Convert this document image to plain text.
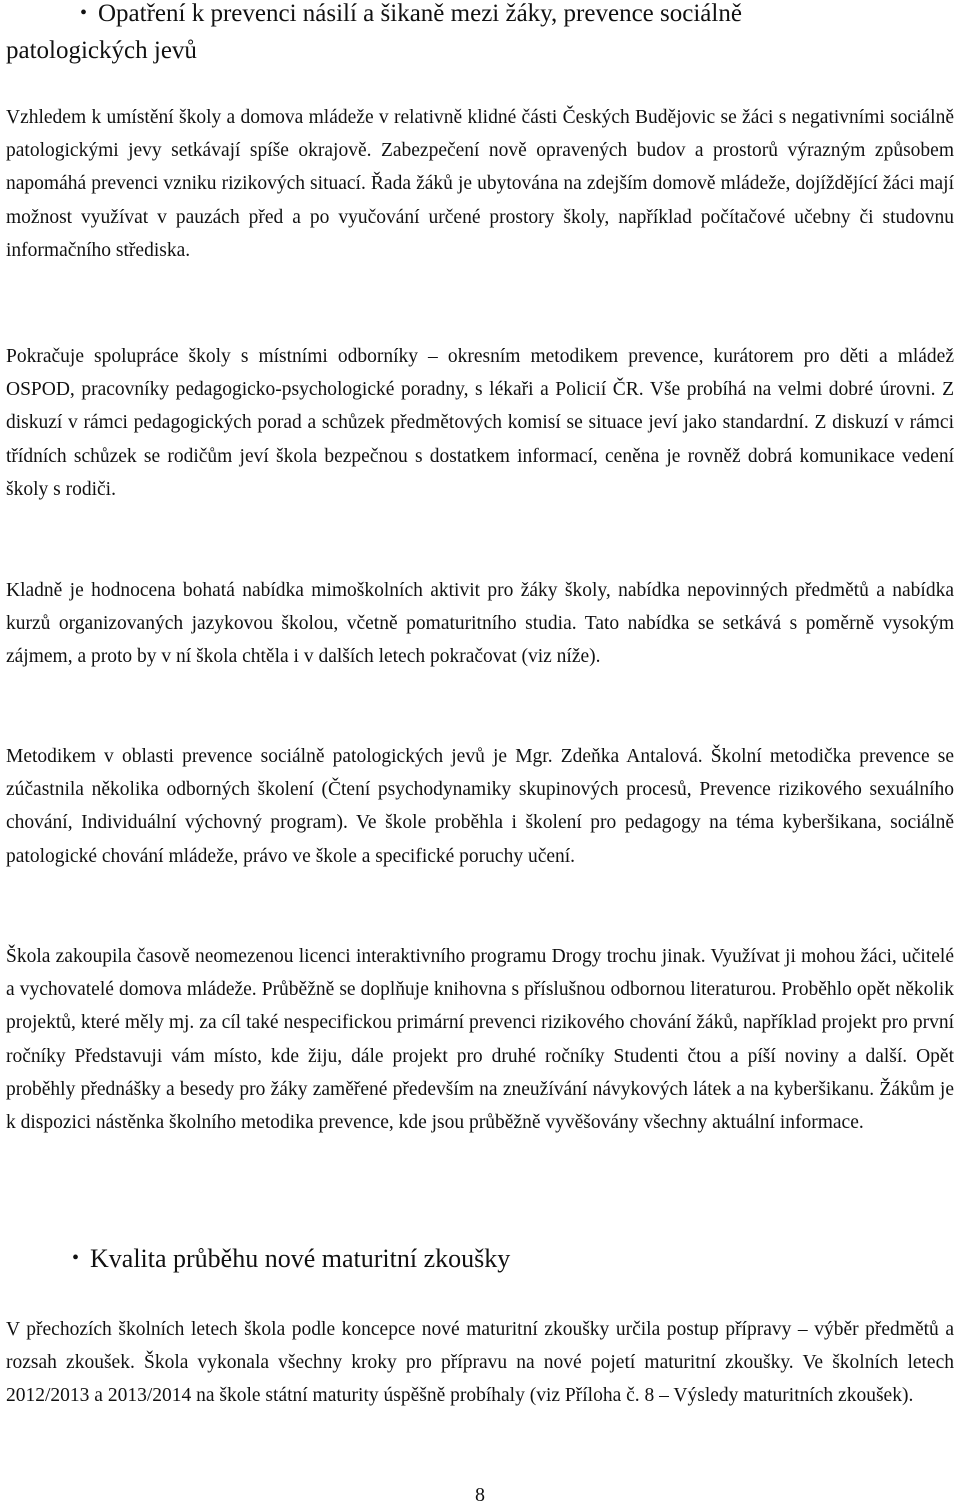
• Opatření k prevenci násilí a šikaně mezi žáky, prevence sociálně
patologických jevů

Vzhledem k umístění školy a domova mládeže v relativně klidné části Českých Budějovic se žáci s negativními sociálně patologickými jevy setkávají spíše okrajově. Zabezpečení nově opravených budov a prostorů výrazným způsobem napomáhá prevenci vzniku rizikových situací. Řada žáků je ubytována na zdejším domově mládeže, dojíždějící žáci mají možnost využívat v pauzách před a po vyučování určené prostory školy, například počítačové učebny či studovnu informačního střediska.

Pokračuje spolupráce školy s místními odborníky – okresním metodikem prevence, kurátorem pro děti a mládež OSPOD, pracovníky pedagogicko-psychologické poradny, s lékaři a Policií ČR. Vše probíhá na velmi dobré úrovni. Z diskuzí v rámci pedagogických porad a schůzek předmětových komisí se situace jeví jako standardní. Z diskuzí v rámci třídních schůzek se rodičům jeví škola bezpečnou s dostatkem informací, ceněna je rovněž dobrá komunikace vedení školy s rodiči.

Kladně je hodnocena bohatá nabídka mimoškolních aktivit pro žáky školy, nabídka nepovinných předmětů a nabídka kurzů organizovaných jazykovou školou, včetně pomaturitního studia. Tato nabídka se setkává s poměrně vysokým zájmem, a proto by v ní škola chtěla i v dalších letech pokračovat (viz níže).

Metodikem v oblasti prevence sociálně patologických jevů je Mgr. Zdeňka Antalová. Školní metodička prevence se zúčastnila několika odborných školení (Čtení psychodynamiky skupinových procesů, Prevence rizikového sexuálního chování, Individuální výchovný program). Ve škole proběhla i školení pro pedagogy na téma kyberšikana, sociálně patologické chování mládeže, právo ve škole a specifické poruchy učení.

Škola zakoupila časově neomezenou licenci interaktivního programu Drogy trochu jinak. Využívat ji mohou žáci, učitelé a vychovatelé domova mládeže. Průběžně se doplňuje knihovna s příslušnou odbornou literaturou. Proběhlo opět několik projektů, které měly mj. za cíl také nespecifickou primární prevenci rizikového chování žáků, například projekt pro první ročníky Představuji vám místo, kde žiju, dále projekt pro druhé ročníky Studenti čtou a píší noviny a další. Opět proběhly přednášky a besedy pro žáky zaměřené především na zneužívání návykových látek a na kyberšikanu. Žákům je k dispozici nástěnka školního metodika prevence, kde jsou průběžně vyvěšovány všechny aktuální informace.

• Kvalita průběhu nové maturitní zkoušky

V přechozích školních letech škola podle koncepce nové maturitní zkoušky určila postup přípravy – výběr předmětů a rozsah zkoušek. Škola vykonala všechny kroky pro přípravu na nové pojetí maturitní zkoušky. Ve školních letech 2012/2013 a 2013/2014 na škole státní maturity úspěšně probíhaly (viz Příloha č. 8 – Výsledy maturitních zkoušek).

8
